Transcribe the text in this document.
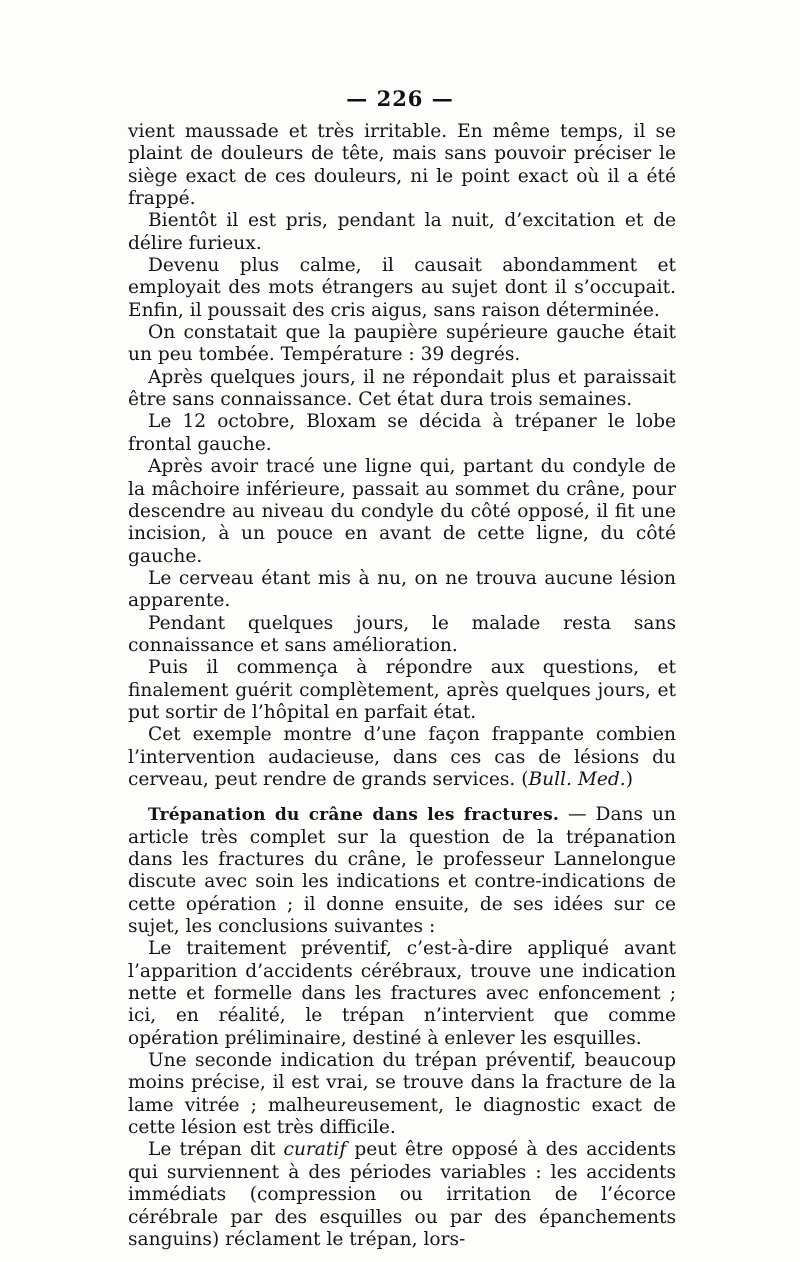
— 226 —

vient maussade et très irritable. En même temps, il se plaint de douleurs de tête, mais sans pouvoir préciser le siège exact de ces douleurs, ni le point exact où il a été frappé.

Bientôt il est pris, pendant la nuit, d’excitation et de délire furieux.

Devenu plus calme, il causait abondamment et employait des mots étrangers au sujet dont il s’occupait. Enfin, il poussait des cris aigus, sans raison déterminée.

On constatait que la paupière supérieure gauche était un peu tombée. Température : 39 degrés.

Après quelques jours, il ne répondait plus et paraissait être sans connaissance. Cet état dura trois semaines.

Le 12 octobre, Bloxam se décida à trépaner le lobe frontal gauche.

Après avoir tracé une ligne qui, partant du condyle de la mâchoire inférieure, passait au sommet du crâne, pour descendre au niveau du condyle du côté opposé, il fit une incision, à un pouce en avant de cette ligne, du côté gauche.

Le cerveau étant mis à nu, on ne trouva aucune lésion apparente.

Pendant quelques jours, le malade resta sans connaissance et sans amélioration.

Puis il commença à répondre aux questions, et finalement guérit complètement, après quelques jours, et put sortir de l’hôpital en parfait état.

Cet exemple montre d’une façon frappante combien l’intervention audacieuse, dans ces cas de lésions du cerveau, peut rendre de grands services. (Bull. Med.)

Trépanation du crâne dans les fractures. — Dans un article très complet sur la question de la trépanation dans les fractures du crâne, le professeur Lannelongue discute avec soin les indications et contre-indications de cette opération ; il donne ensuite, de ses idées sur ce sujet, les conclusions suivantes :

Le traitement préventif, c’est-à-dire appliqué avant l’apparition d’accidents cérébraux, trouve une indication nette et formelle dans les fractures avec enfoncement ; ici, en réalité, le trépan n’intervient que comme opération préliminaire, destiné à enlever les esquilles.

Une seconde indication du trépan préventif, beaucoup moins précise, il est vrai, se trouve dans la fracture de la lame vitrée ; malheureusement, le diagnostic exact de cette lésion est très difficile.

Le trépan dit curatif peut être opposé à des accidents qui surviennent à des périodes variables : les accidents immédiats (compression ou irritation de l’écorce cérébrale par des esquilles ou par des épanchements sanguins) réclament le trépan, lors-
